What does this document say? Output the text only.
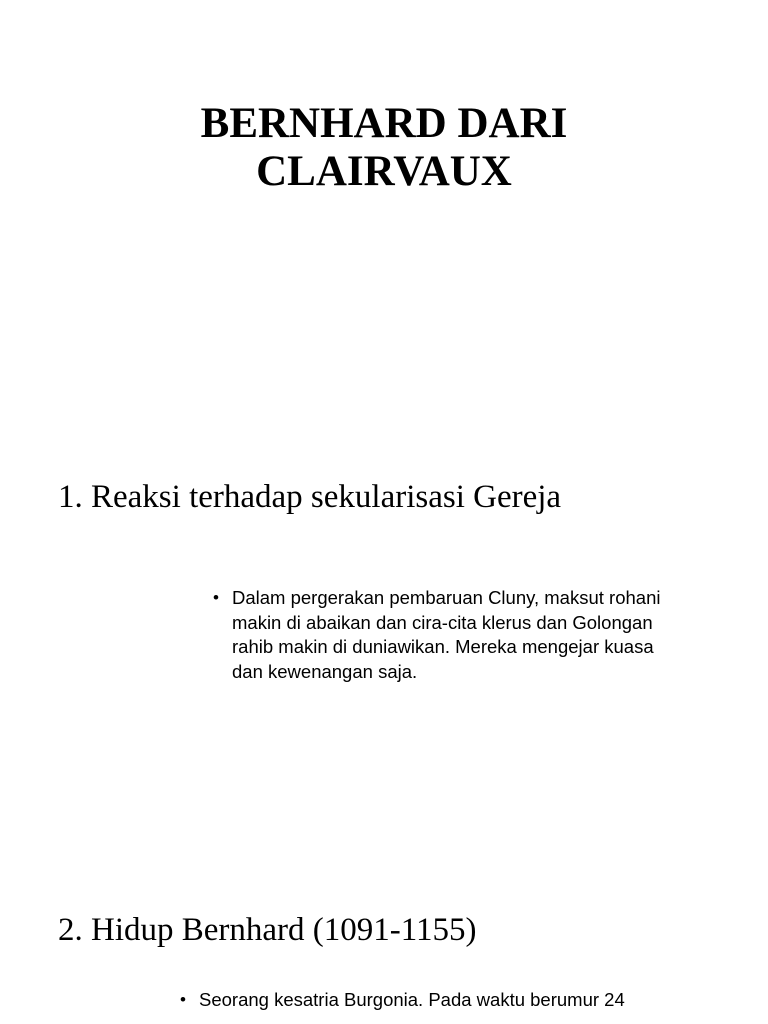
BERNHARD DARI
CLAIRVAUX
1. Reaksi terhadap sekularisasi Gereja
• Dalam pergerakan pembaruan Cluny, maksut rohani makin di abaikan dan cira-cita klerus dan Golongan rahib makin di duniawikan. Mereka mengejar kuasa dan kewenangan saja.
2. Hidup Bernhard (1091-1155)
• Seorang kesatria Burgonia. Pada waktu berumur 24
